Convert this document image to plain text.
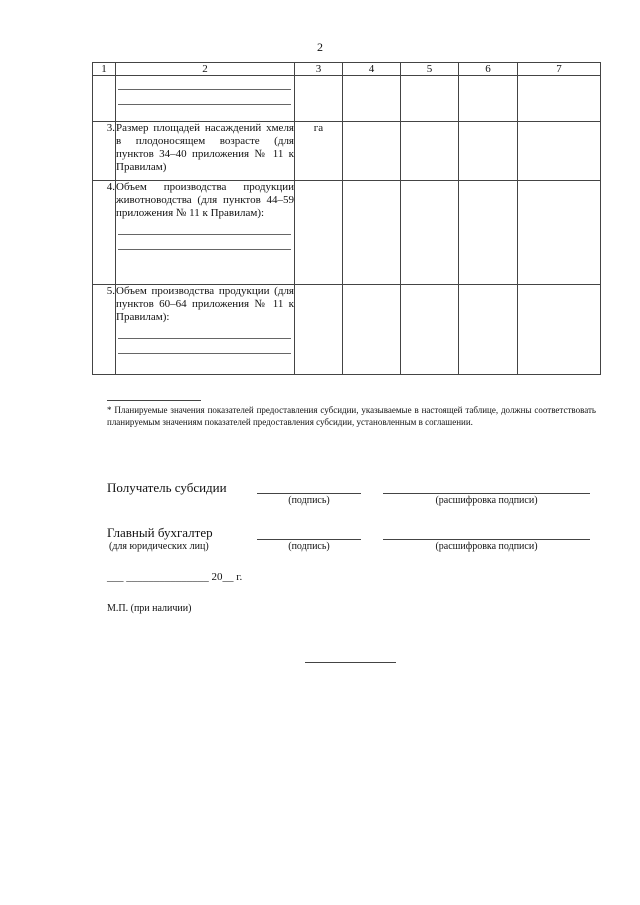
2
1	2	3	4	5	6	7

3.	Размер площадей насаждений хмеля в плодоносящем возрасте (для пунктов 34–40 приложения № 11 к Правилам)	га				
4.	Объем производства продукции животноводства (для пунктов 44–59 приложения № 11 к Правилам):					

5.	Объем производства продукции (для пунктов 60–64 приложения № 11 к Правилам):					

* Планируемые значения показателей предоставления субсидии, указываемые в настоящей таблице, должны соответствовать планируемым значениям показателей предоставления субсидии, установленным в соглашении.
Получатель субсидии
(подпись)	(расшифровка подписи)
Главный бухгалтер
(для юридических лиц)	(подпись)	(расшифровка подписи)
___ _______________ 20__ г.
М.П. (при наличии)
